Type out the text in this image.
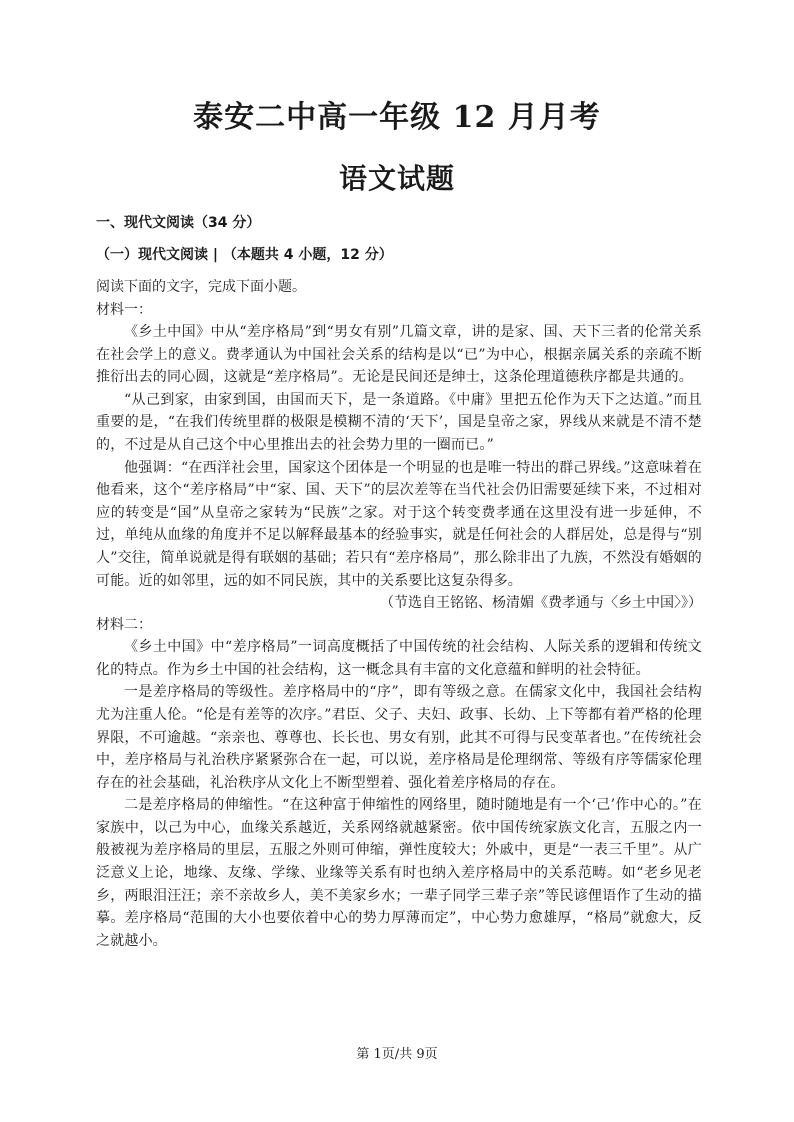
泰安二中高一年级 12 月月考
语文试题

一、现代文阅读（34 分）

（一）现代文阅读 | （本题共 4 小题，12 分）

阅读下面的文字，完成下面小题。
材料一：

《乡土中国》中从“差序格局”到“男女有别”几篇文章，讲的是家、国、天下三者的伦常关系在社会学上的意义。费孝通认为中国社会关系的结构是以“已”为中心，根据亲属关系的亲疏不断推衍出去的同心圆，这就是“差序格局”。无论是民间还是绅士，这条伦理道德秩序都是共通的。

“从己到家，由家到国，由国而天下，是一条道路。《中庸》里把五伦作为天下之达道。”而且重要的是，“在我们传统里群的极限是模糊不清的‘天下’，国是皇帝之家，界线从来就是不清不楚的，不过是从自己这个中心里推出去的社会势力里的一圈而已。”

他强调：“在西洋社会里，国家这个团体是一个明显的也是唯一特出的群己界线。”这意味着在他看来，这个“差序格局”中“家、国、天下”的层次差等在当代社会仍旧需要延续下来，不过相对应的转变是“国”从皇帝之家转为“民族”之家。对于这个转变费孝通在这里没有进一步延伸，不过，单纯从血缘的角度并不足以解释最基本的经验事实，就是任何社会的人群居处，总是得与“别人”交往，简单说就是得有联姻的基础；若只有“差序格局”，那么除非出了九族，不然没有婚姻的可能。近的如邻里，远的如不同民族，其中的关系要比这复杂得多。

（节选自王铭铭、杨清媚《费孝通与〈乡土中国〉》）

材料二：

《乡土中国》中“差序格局”一词高度概括了中国传统的社会结构、人际关系的逻辑和传统文化的特点。作为乡土中国的社会结构，这一概念具有丰富的文化意蕴和鲜明的社会特征。

一是差序格局的等级性。差序格局中的“序”，即有等级之意。在儒家文化中，我国社会结构尤为注重人伦。“伦是有差等的次序。”君臣、父子、夫妇、政事、长幼、上下等都有着严格的伦理界限，不可逾越。“亲亲也、尊尊也、长长也、男女有别，此其不可得与民变革者也。”在传统社会中，差序格局与礼治秩序紧紧弥合在一起，可以说，差序格局是伦理纲常、等级有序等儒家伦理存在的社会基础，礼治秩序从文化上不断型塑着、强化着差序格局的存在。

二是差序格局的伸缩性。“在这种富于伸缩性的网络里，随时随地是有一个‘己’作中心的。”在家族中，以己为中心，血缘关系越近，关系网络就越紧密。依中国传统家族文化言，五服之内一般被视为差序格局的里层，五服之外则可伸缩，弹性度较大；外戚中，更是“一表三千里”。从广泛意义上论，地缘、友缘、学缘、业缘等关系有时也纳入差序格局中的关系范畴。如“老乡见老乡，两眼泪汪汪；亲不亲故乡人，美不美家乡水；一辈子同学三辈子亲”等民谚俚语作了生动的描摹。差序格局“范围的大小也要依着中心的势力厚薄而定”，中心势力愈雄厚，“格局”就愈大，反之就越小。

第 1页/共 9页
